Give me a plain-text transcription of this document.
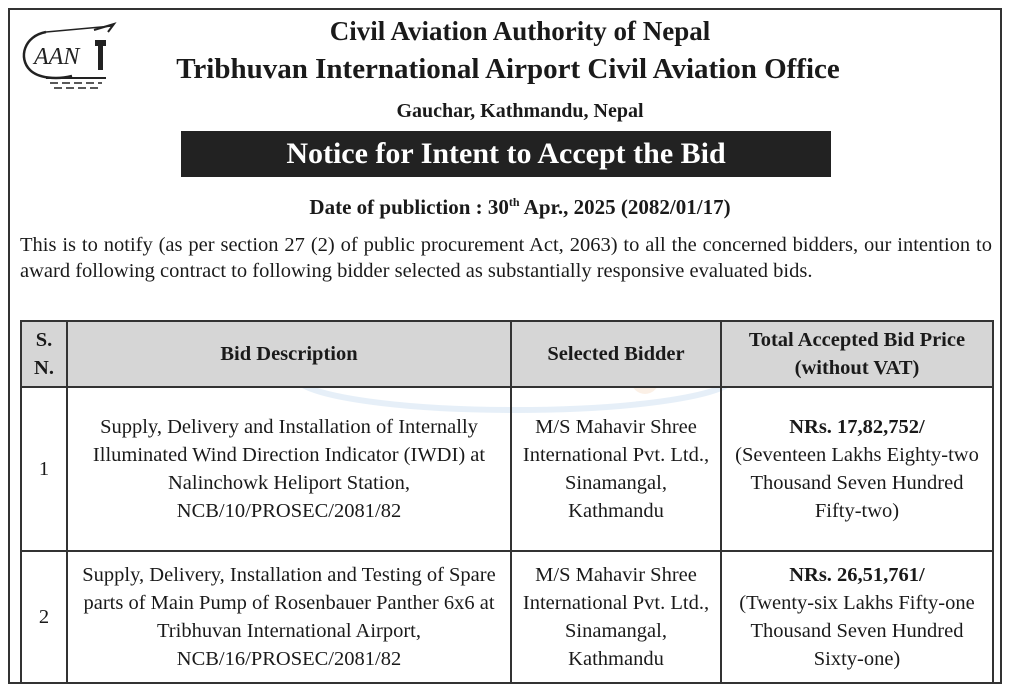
AAN
Civil Aviation Authority of Nepal
Tribhuvan International Airport Civil Aviation Office
Gauchar, Kathmandu, Nepal
Notice for Intent to Accept the Bid
Date of publiction : 30th Apr., 2025 (2082/01/17)
This is to notify (as per section 27 (2) of public procurement Act, 2063) to all the concerned bidders, our intention to award following contract to following bidder selected as substantially responsive evaluated bids.
S. N.	Bid Description	Selected Bidder	Total Accepted Bid Price (without VAT)
1	Supply, Delivery and Installation of Internally Illuminated Wind Direction Indicator (IWDI) at Nalinchowk Heliport Station, NCB/10/PROSEC/2081/82	M/S Mahavir Shree International Pvt. Ltd., Sinamangal, Kathmandu	NRs. 17,82,752/
(Seventeen Lakhs Eighty-two Thousand Seven Hundred Fifty-two)

2	Supply, Delivery, Installation and Testing of Spare parts of Main Pump of Rosenbauer Panther 6x6 at Tribhuvan International Airport, NCB/16/PROSEC/2081/82	M/S Mahavir Shree International Pvt. Ltd., Sinamangal, Kathmandu	NRs. 26,51,761/
(Twenty-six Lakhs Fifty-one Thousand Seven Hundred Sixty-one)
